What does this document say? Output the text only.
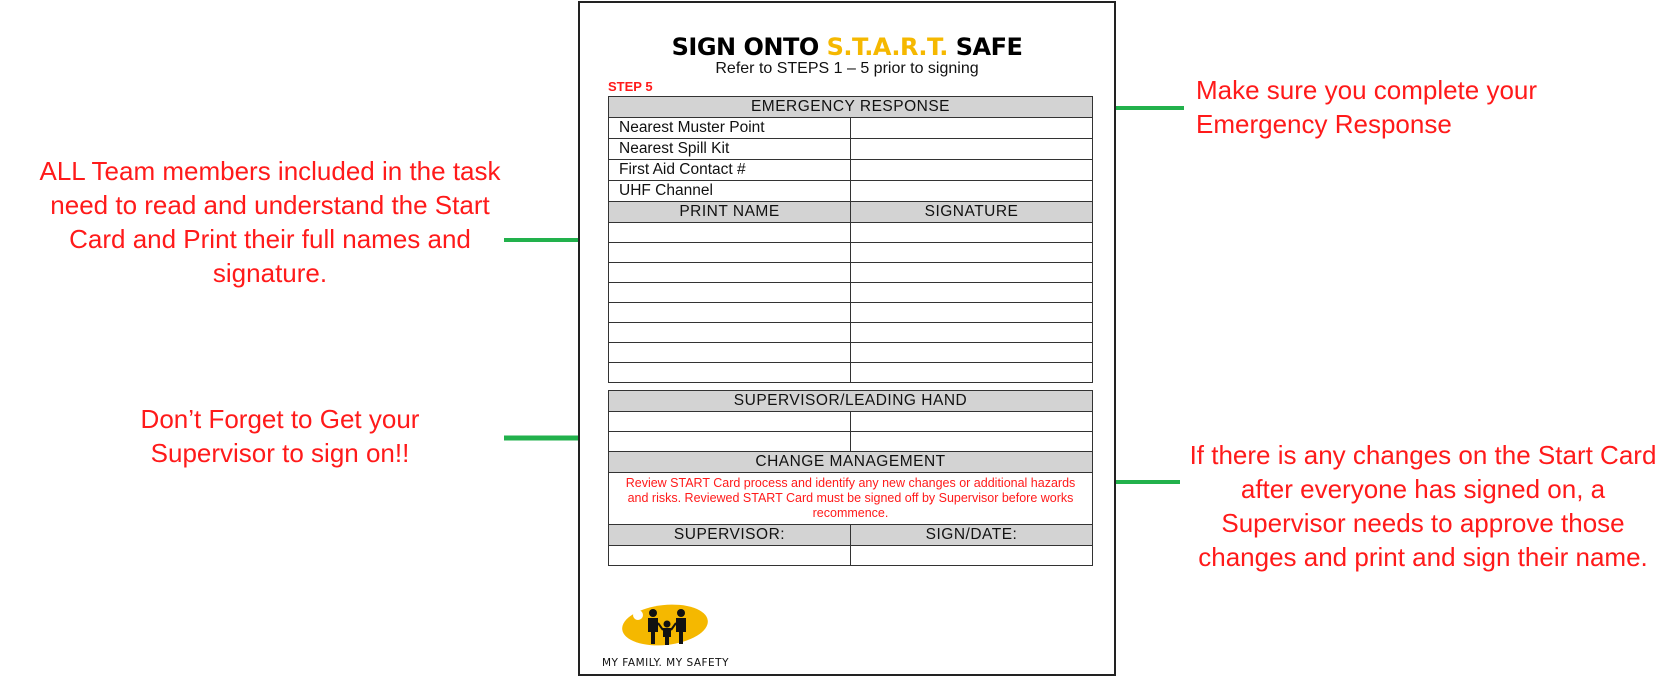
ALL Team members included in the task need to read and understand the Start Card and Print their full names and signature.
Don’t Forget to Get your Supervisor to sign on!!
Make sure you complete your Emergency Response
If there is any changes on the Start Card after everyone has signed on, a Supervisor needs to approve those changes and print and sign their name.
SIGN ONTO S.T.A.R.T. SAFE
Refer to STEPS 1 – 5 prior to signing
STEP 5
EMERGENCY RESPONSE	
Nearest Muster Point	
Nearest Spill Kit	
First Aid Contact #	
UHF Channel	
PRINT NAME	SIGNATURE

SUPERVISOR/LEADING HAND	

CHANGE MANAGEMENT	
Review START Card process and identify any new changes or additional hazards and risks. Reviewed START Card must be signed off by Supervisor before works recommence.	
SUPERVISOR:	SIGN/DATE:

MY FAMILY. MY SAFETY
